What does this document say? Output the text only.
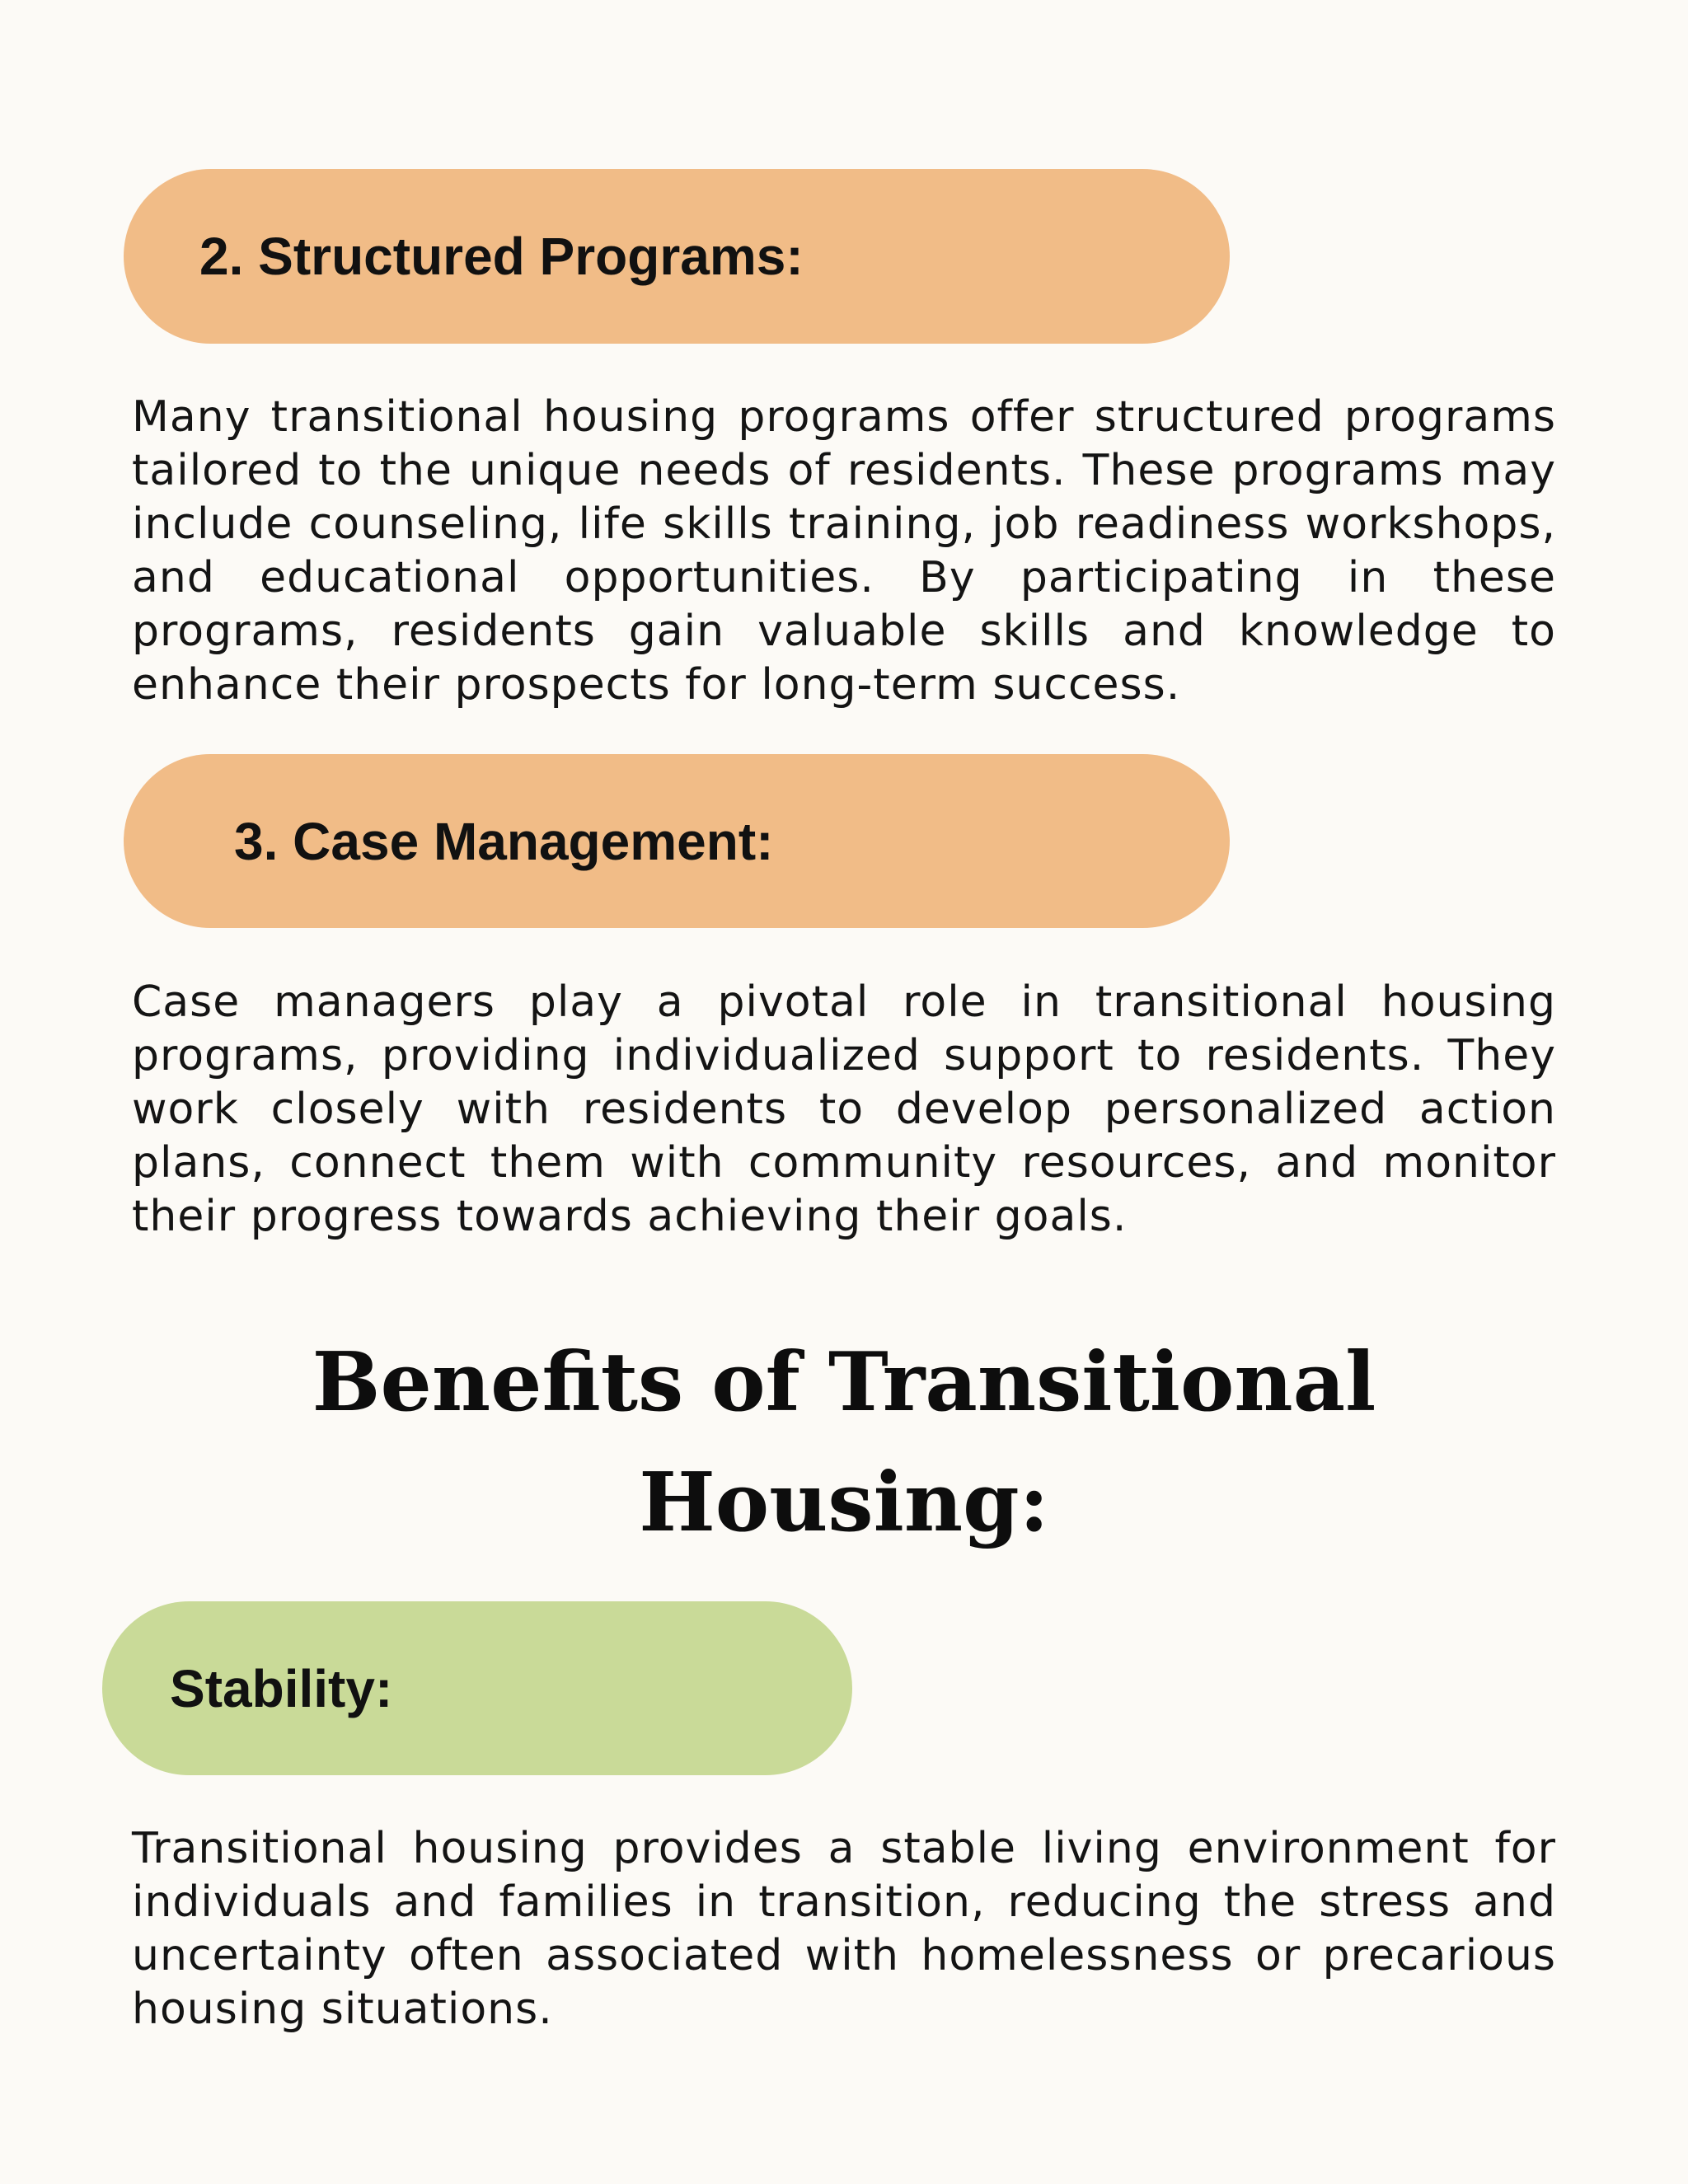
2. Structured Programs:

Many transitional housing programs offer structured programs tailored to the unique needs of residents. These programs may include counseling, life skills training, job readiness workshops, and educational opportunities. By participating in these programs, residents gain valuable skills and knowledge to enhance their prospects for long-term success.

3. Case Management:

Case managers play a pivotal role in transitional housing programs, providing individualized support to residents. They work closely with residents to develop personalized action plans, connect them with community resources, and monitor their progress towards achieving their goals.

Benefits of Transitional
Housing:
Stability:

Transitional housing provides a stable living environment for individuals and families in transition, reducing the stress and uncertainty often associated with homelessness or precarious housing situations.
